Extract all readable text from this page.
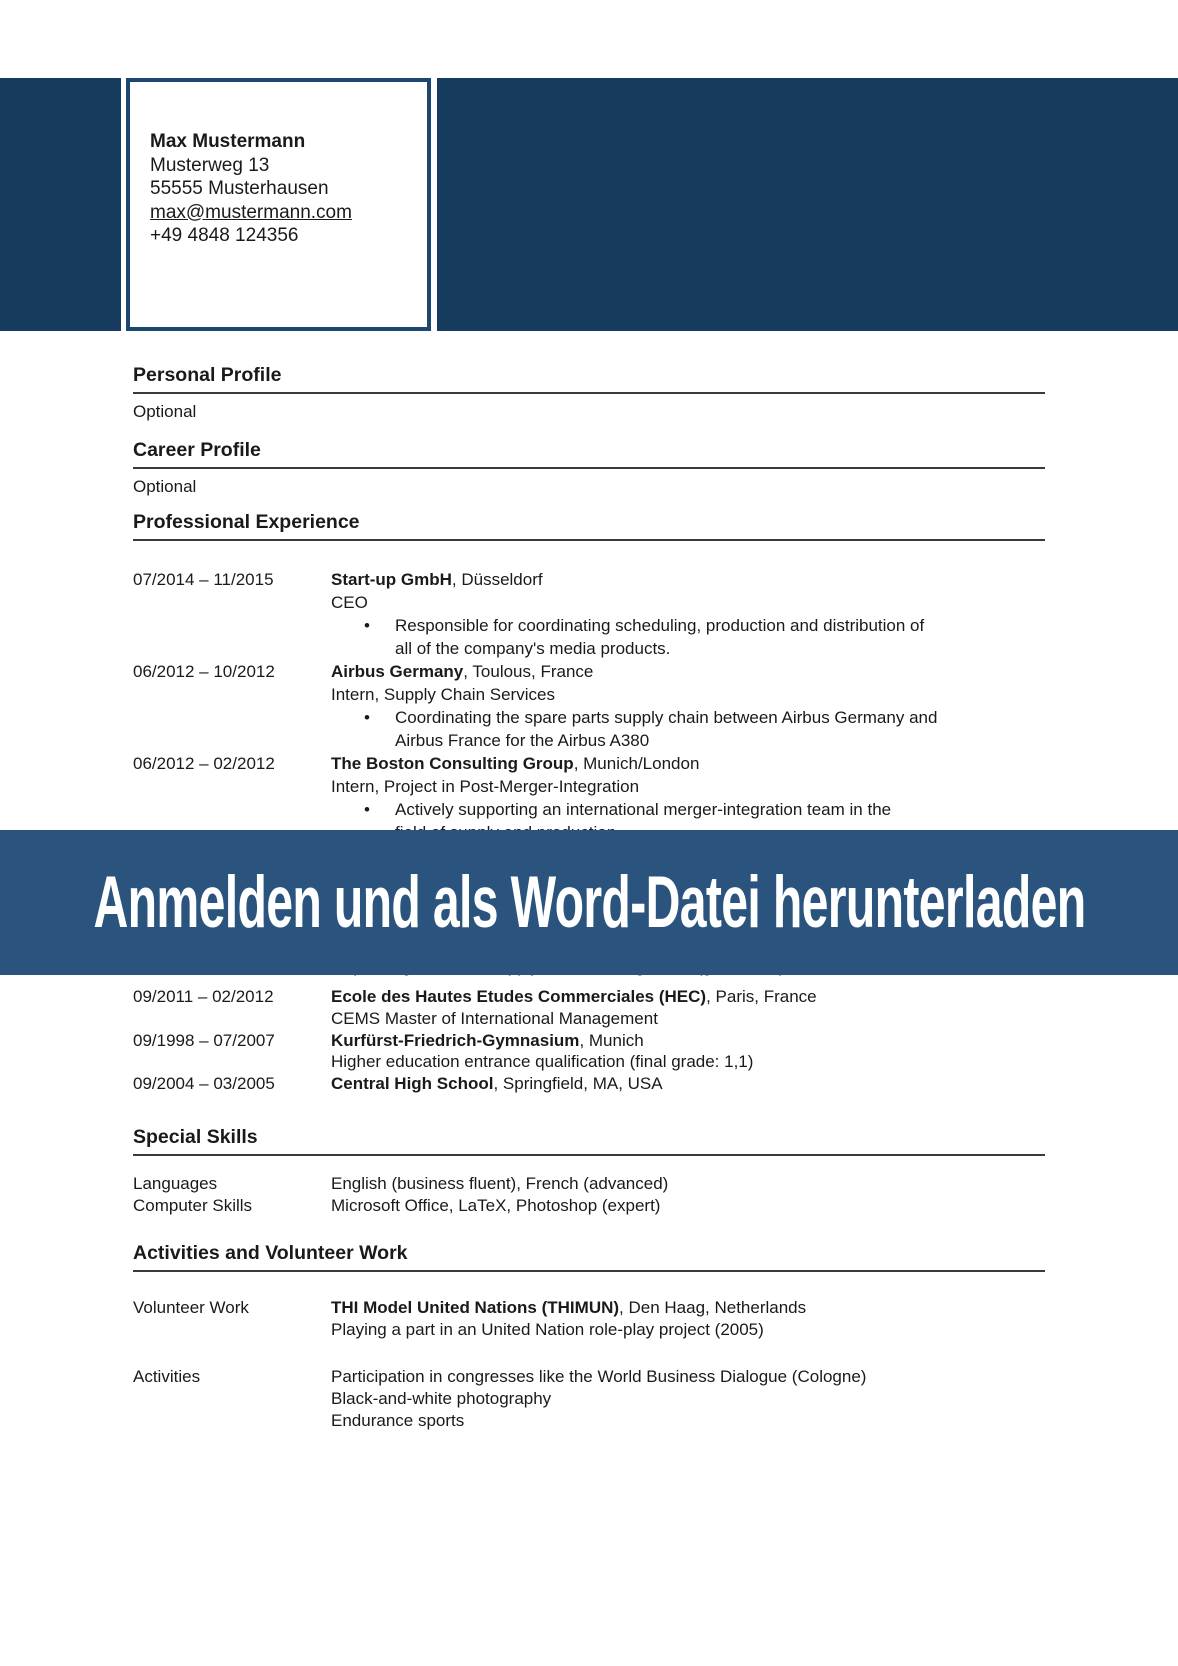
Max Mustermann
Musterweg 13
55555 Musterhausen
max@mustermann.com
+49 4848 124356
Personal Profile
Optional
Career Profile
Optional
Professional Experience
07/2014 – 11/2015	Start-up GmbH, Düsseldorf
CEO
• Responsible for coordinating scheduling, production and distribution of
all of the company's media products.
06/2012 – 10/2012	Airbus Germany, Toulous, France
Intern, Supply Chain Services
• Coordinating the spare parts supply chain between Airbus Germany and
Airbus France for the Airbus A380
06/2012 – 02/2012	The Boston Consulting Group, Munich/London
Intern, Project in Post-Merger-Integration
• Actively supporting an international merger-integration team in the
Anmelden und als Word-Datei herunterladen
09/2011 – 02/2012	Ecole des Hautes Etudes Commerciales (HEC), Paris, France
CEMS Master of International Management
09/1998 – 07/2007	Kurfürst-Friedrich-Gymnasium, Munich
Higher education entrance qualification (final grade: 1,1)
09/2004 – 03/2005	Central High School, Springfield, MA, USA
Special Skills
Languages	English (business fluent), French (advanced)
Computer Skills	Microsoft Office, LaTeX, Photoshop (expert)
Activities and Volunteer Work
Volunteer Work	THI Model United Nations (THIMUN), Den Haag, Netherlands
Playing a part in an United Nation role-play project (2005)
Activities	Participation in congresses like the World Business Dialogue (Cologne)
Black-and-white photography
Endurance sports
